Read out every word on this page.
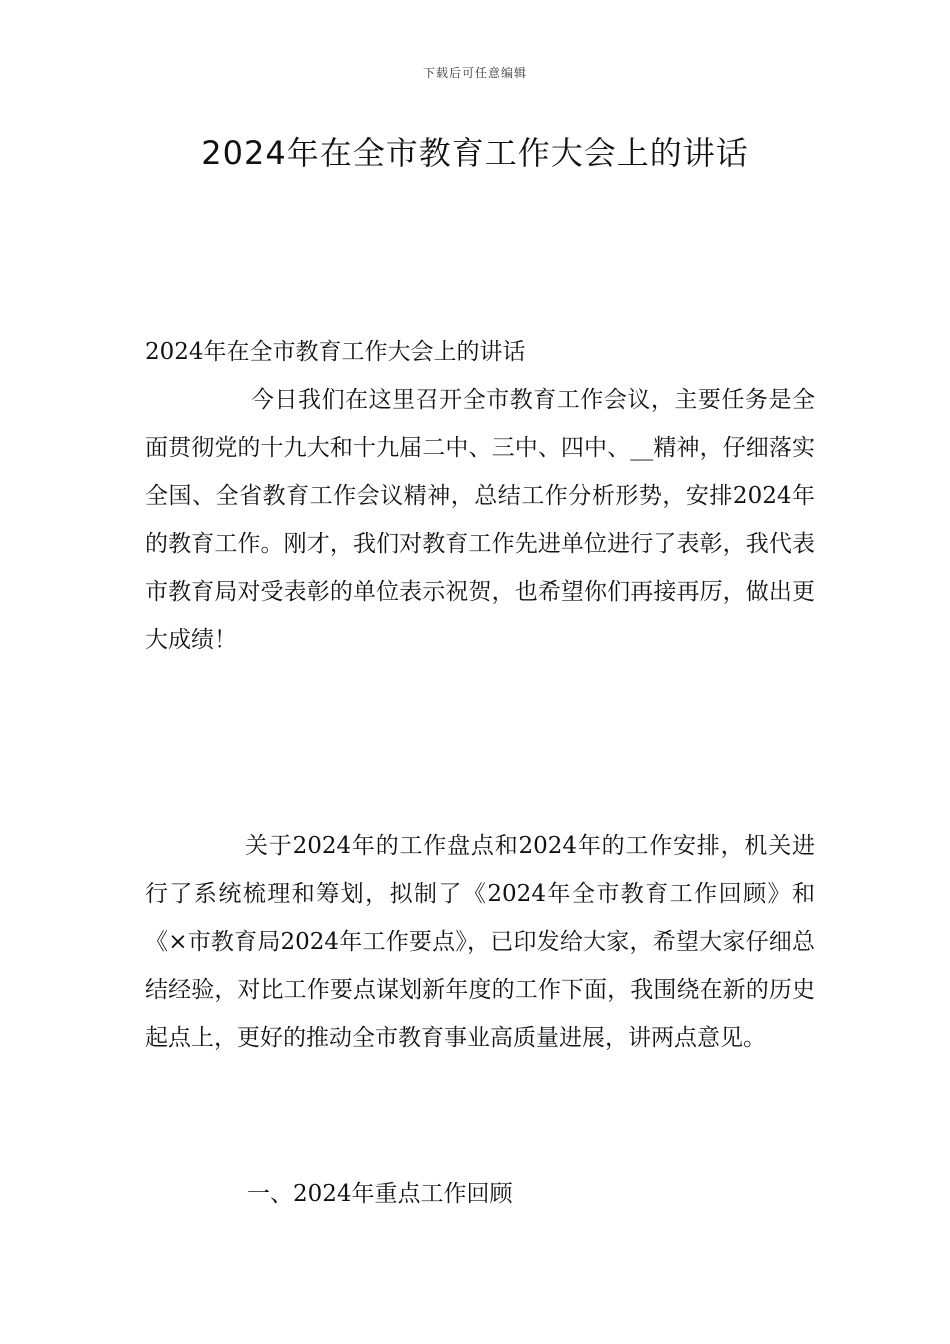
下载后可任意编辑
2024年在全市教育工作大会上的讲话

2024年在全市教育工作大会上的讲话

今日我们在这里召开全市教育工作会议，主要任务是全面贯彻党的十九大和十九届二中、三中、四中、__精神，仔细落实全国、全省教育工作会议精神，总结工作分析形势，安排2024年的教育工作。刚才，我们对教育工作先进单位进行了表彰，我代表市教育局对受表彰的单位表示祝贺，也希望你们再接再厉，做出更大成绩！

关于2024年的工作盘点和2024年的工作安排，机关进行了系统梳理和筹划，拟制了《2024年全市教育工作回顾》和《×市教育局2024年工作要点》，已印发给大家，希望大家仔细总结经验，对比工作要点谋划新年度的工作下面，我围绕在新的历史起点上，更好的推动全市教育事业高质量进展，讲两点意见。

一、2024年重点工作回顾
